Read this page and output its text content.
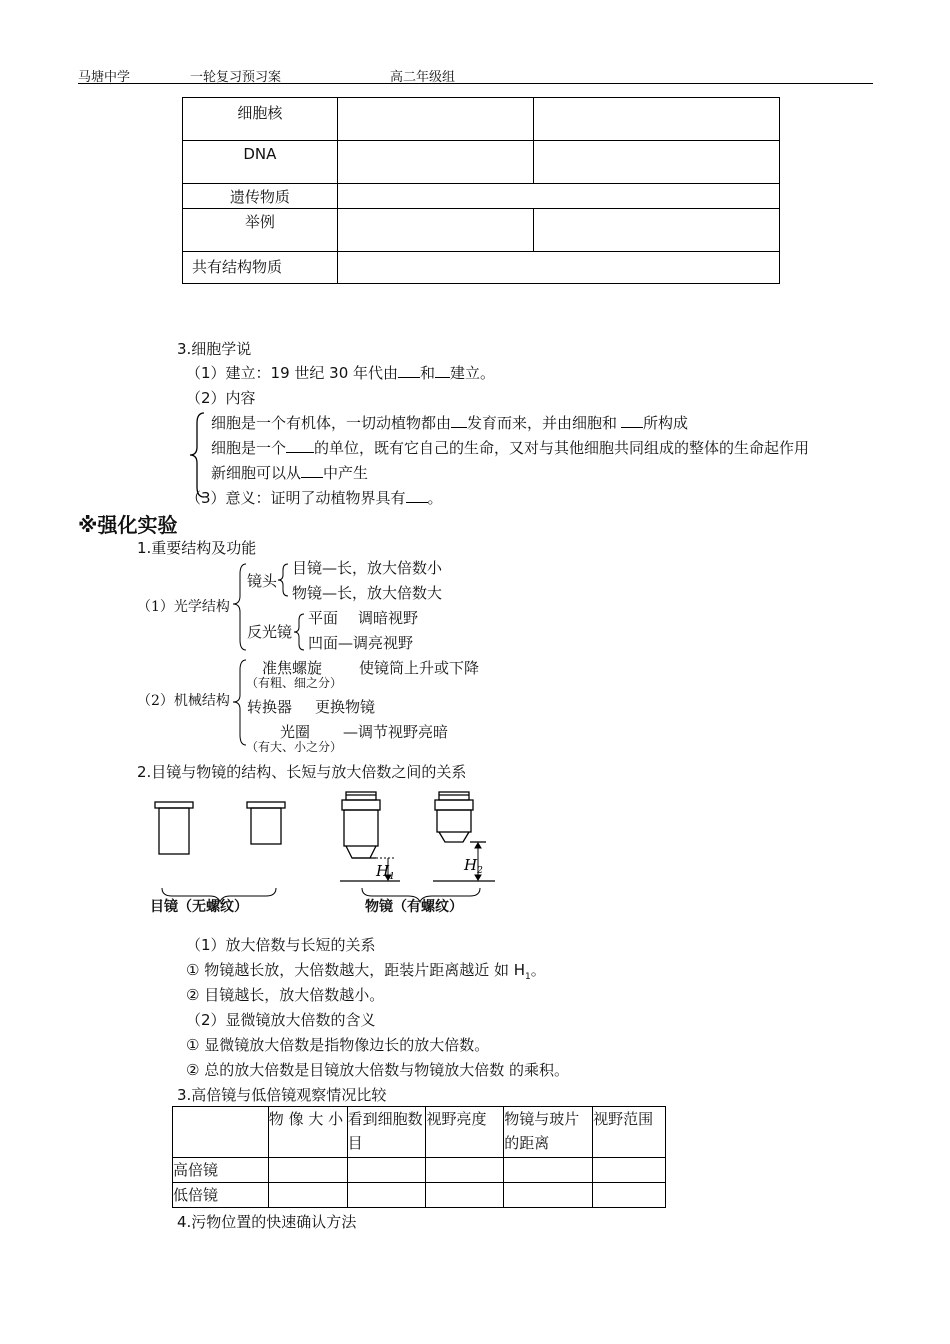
马塘中学	一轮复习预习案	高二年级组
细胞核		
DNA		
遗传物质		
举例		
共有结构物质		
3.细胞学说
（1）建立：19 世纪 30 年代由 和 建立。
（2）内容
细胞是一个有机体，一切动植物都由 发育而来，并由细胞和 所构成
细胞是一个 的单位，既有它自己的生命，又对与其他细胞共同组成的整体的生命起作用
新细胞可以从 中产生
（3）意义：证明了动植物界具有 。
※强化实验
1.重要结构及功能
（1）光学结构
镜头
目镜—长，放大倍数小
物镜—长，放大倍数大
反光镜
平面 调暗视野
凹面—调亮视野
（2）机械结构
准焦螺旋
（有粗、细之分）
使镜筒上升或下降
转换器 更换物镜
光圈
（有大、小之分）
—调节视野亮暗
2.目镜与物镜的结构、长短与放大倍数之间的关系
$H_1$
$H_2$
目镜（无螺纹）	物镜（有螺纹）
（1）放大倍数与长短的关系
① 物镜越长放，大倍数越大，距装片距离越近 如 $H_1$。
② 目镜越长，放大倍数越小。
（2）显微镜放大倍数的含义
① 显微镜放大倍数是指物像边长的放大倍数。
② 总的放大倍数是目镜放大倍数与物镜放大倍数 的乘积。
3.高倍镜与低倍镜观察情况比较
	物 像 大 小	看到细胞数目	视野亮度	物镜与玻片的距离	视野范围
高倍镜					
低倍镜					
4.污物位置的快速确认方法
